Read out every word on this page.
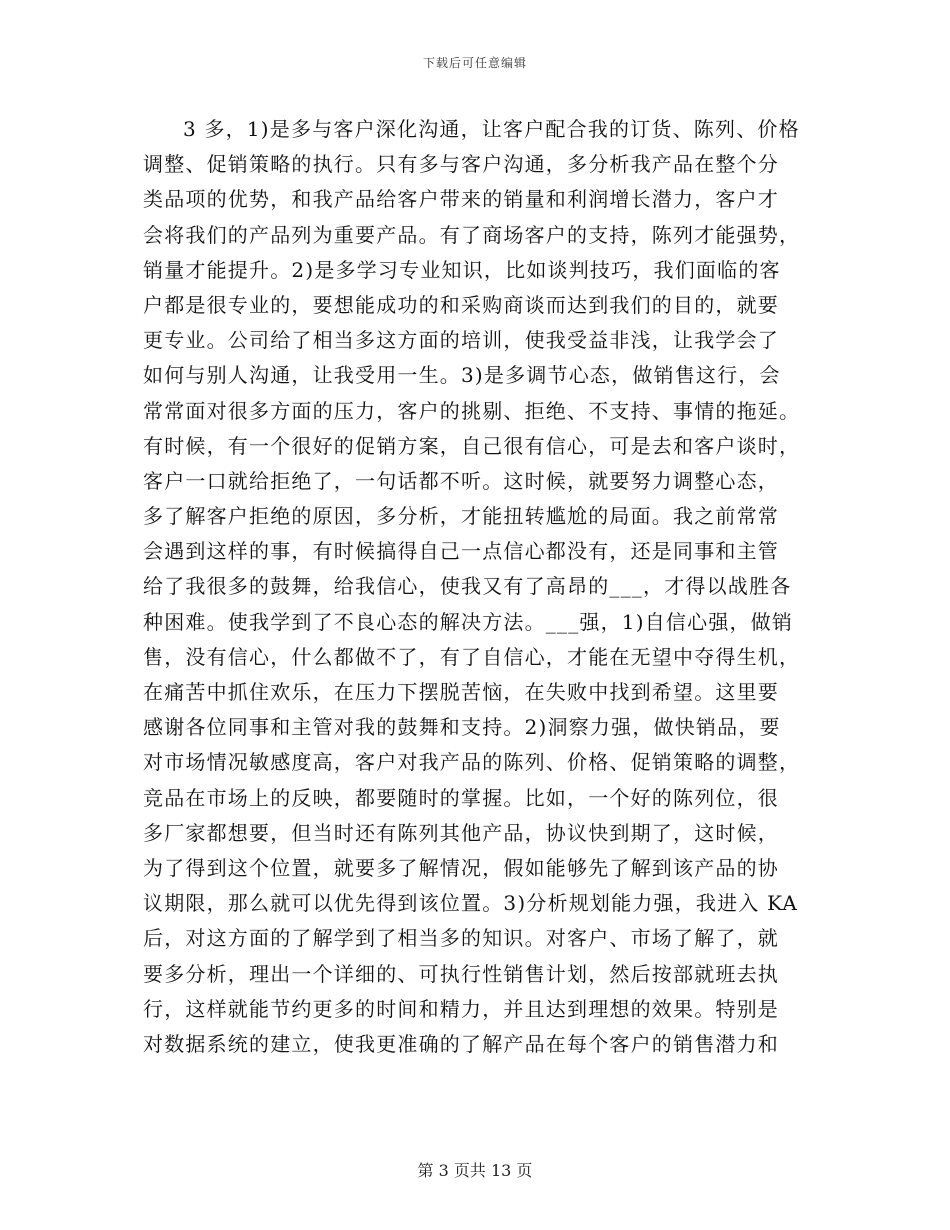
下载后可任意编辑
3 多，1)是多与客户深化沟通，让客户配合我的订货、陈列、价格
调整、促销策略的执行。只有多与客户沟通，多分析我产品在整个分
类品项的优势，和我产品给客户带来的销量和利润增长潜力，客户才
会将我们的产品列为重要产品。有了商场客户的支持，陈列才能强势，
销量才能提升。2)是多学习专业知识，比如谈判技巧，我们面临的客
户都是很专业的，要想能成功的和采购商谈而达到我们的目的，就要
更专业。公司给了相当多这方面的培训，使我受益非浅，让我学会了
如何与别人沟通，让我受用一生。3)是多调节心态，做销售这行，会
常常面对很多方面的压力，客户的挑剔、拒绝、不支持、事情的拖延。
有时候，有一个很好的促销方案，自己很有信心，可是去和客户谈时，
客户一口就给拒绝了，一句话都不听。这时候，就要努力调整心态，
多了解客户拒绝的原因，多分析，才能扭转尴尬的局面。我之前常常
会遇到这样的事，有时候搞得自己一点信心都没有，还是同事和主管
给了我很多的鼓舞，给我信心，使我又有了高昂的___，才得以战胜各
种困难。使我学到了不良心态的解决方法。___强，1)自信心强，做销
售，没有信心，什么都做不了，有了自信心，才能在无望中夺得生机，
在痛苦中抓住欢乐，在压力下摆脱苦恼，在失败中找到希望。这里要
感谢各位同事和主管对我的鼓舞和支持。2)洞察力强，做快销品，要
对市场情况敏感度高，客户对我产品的陈列、价格、促销策略的调整，
竞品在市场上的反映，都要随时的掌握。比如，一个好的陈列位，很
多厂家都想要，但当时还有陈列其他产品，协议快到期了，这时候，
为了得到这个位置，就要多了解情况，假如能够先了解到该产品的协
议期限，那么就可以优先得到该位置。3)分析规划能力强，我进入 KA
后，对这方面的了解学到了相当多的知识。对客户、市场了解了，就
要多分析，理出一个详细的、可执行性销售计划，然后按部就班去执
行，这样就能节约更多的时间和精力，并且达到理想的效果。特别是
对数据系统的建立，使我更准确的了解产品在每个客户的销售潜力和
第 3 页共 13 页
